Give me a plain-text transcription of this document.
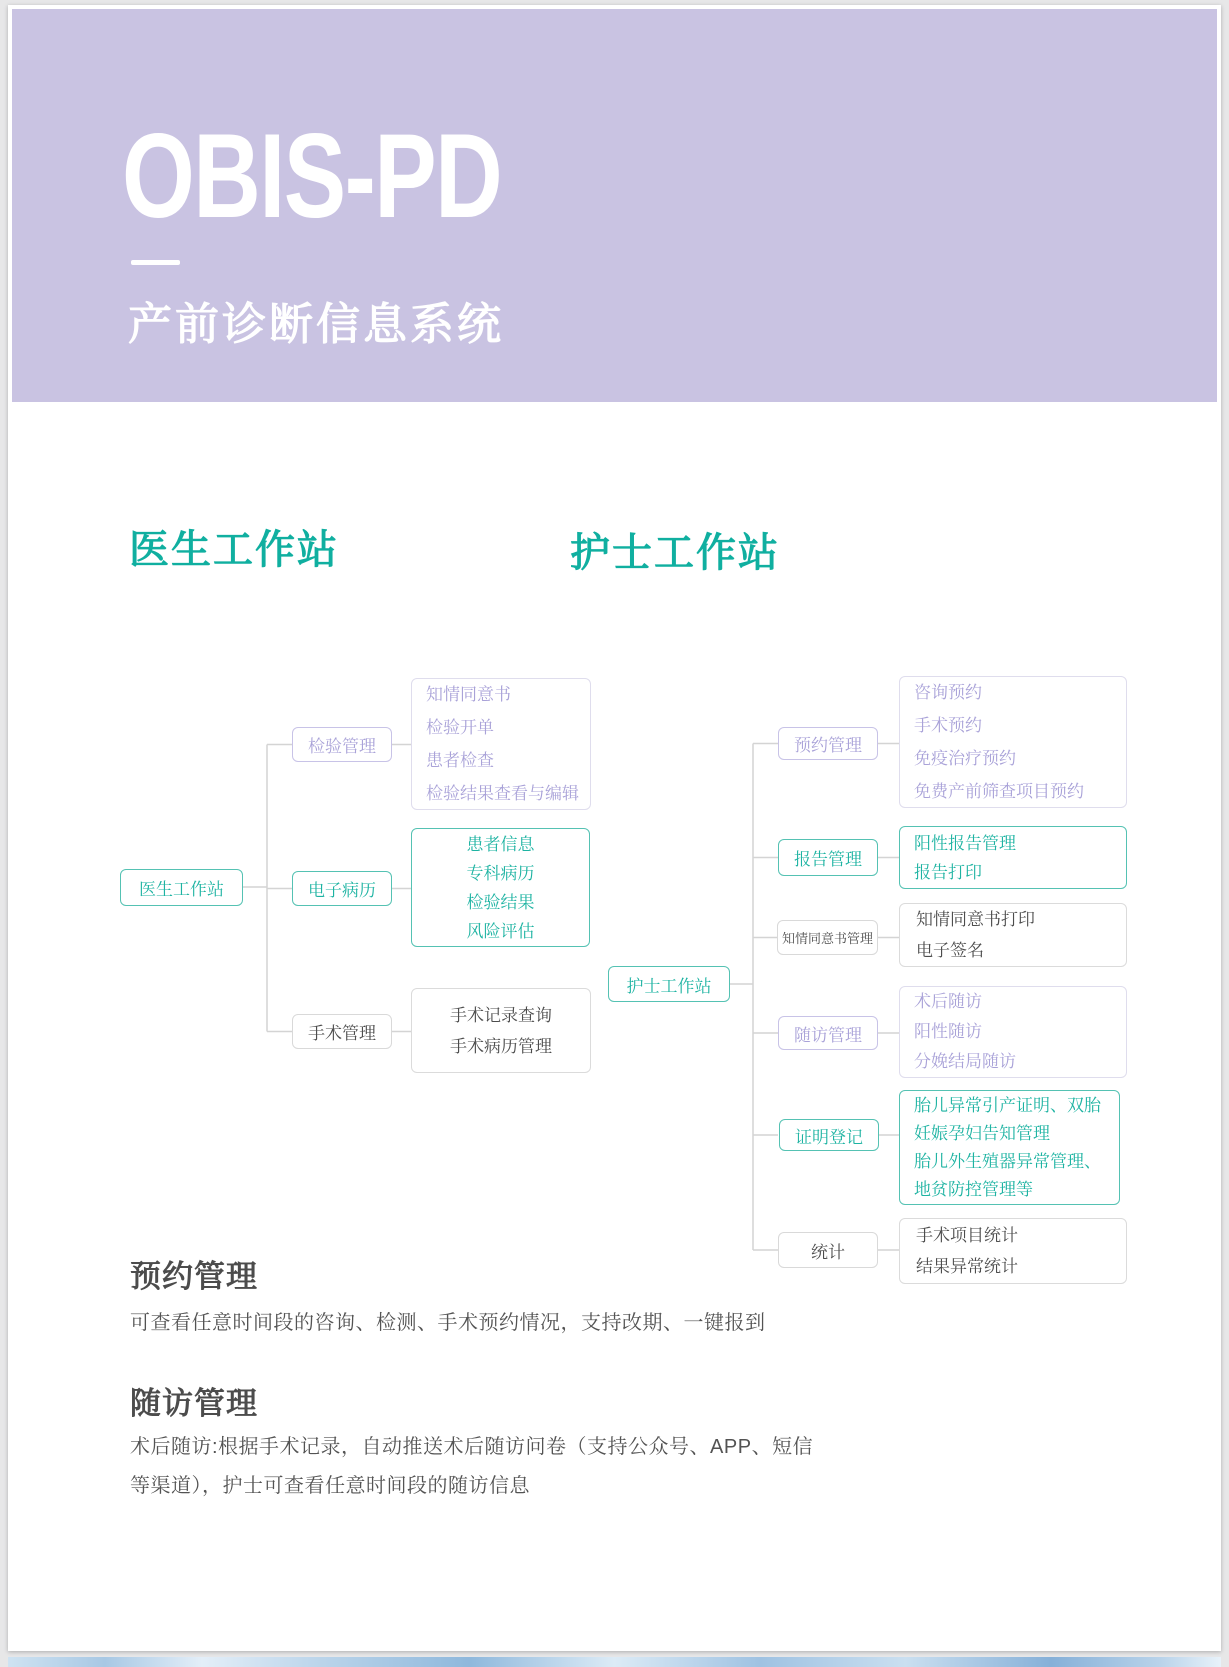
OBIS-PD
产前诊断信息系统
医生工作站	护士工作站
医生工作站
检验管理
知情同意书
检验开单
患者检查
检验结果查看与编辑
电子病历
患者信息
专科病历
检验结果
风险评估
手术管理
手术记录查询
手术病历管理
护士工作站
预约管理
咨询预约
手术预约
免疫治疗预约
免费产前筛查项目预约
报告管理
阳性报告管理
报告打印
知情同意书管理
知情同意书打印
电子签名
随访管理
术后随访
阳性随访
分娩结局随访
证明登记
胎儿异常引产证明、双胎
妊娠孕妇告知管理
胎儿外生殖器异常管理、
地贫防控管理等
统计
手术项目统计
结果异常统计
预约管理
可查看任意时间段的咨询、检测、手术预约情况，支持改期、一键报到
随访管理
术后随访:根据手术记录，自动推送术后随访问卷（支持公众号、APP、短信
等渠道），护士可查看任意时间段的随访信息
